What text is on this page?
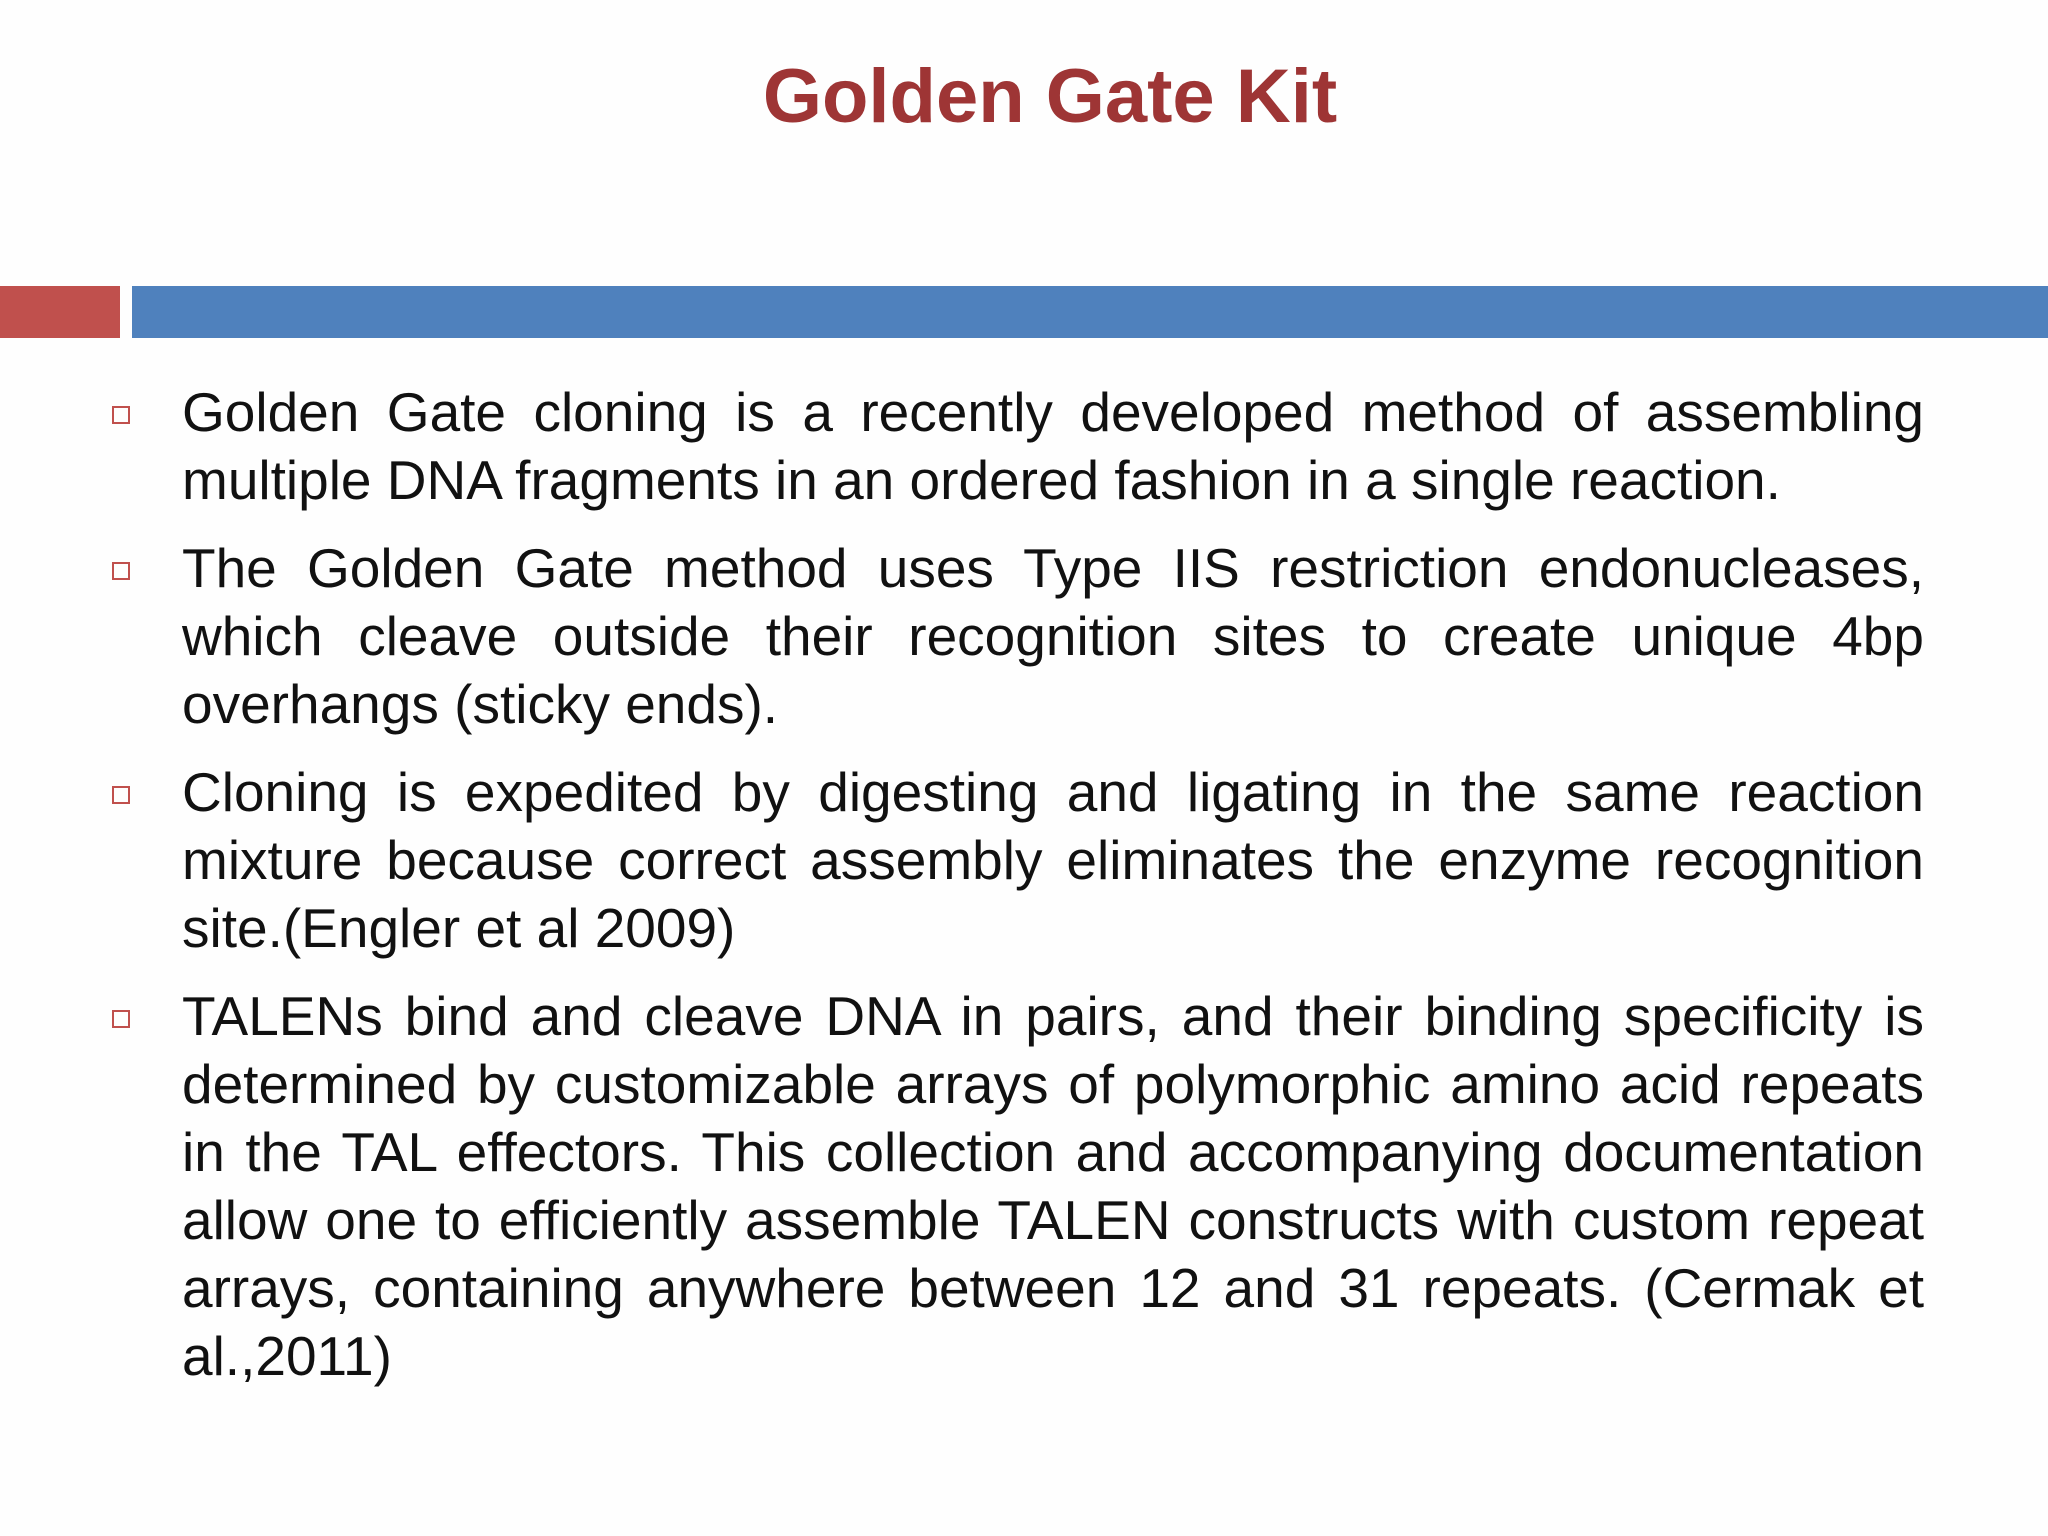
Golden Gate Kit
Golden Gate cloning is a recently developed method of assembling multiple DNA fragments in an ordered fashion in a single reaction.
The Golden Gate method uses Type IIS restriction endonucleases, which cleave outside their recognition sites to create unique 4bp overhangs (sticky ends).
Cloning is expedited by digesting and ligating in the same reaction mixture because correct assembly eliminates the enzyme recognition site.(Engler et al 2009)
TALENs bind and cleave DNA in pairs, and their binding specificity is determined by customizable arrays of polymorphic amino acid repeats in the TAL effectors. This collection and accompanying documentation allow one to efficiently assemble TALEN constructs with custom repeat arrays, containing anywhere between 12 and 31 repeats. (Cermak et al.,2011)
